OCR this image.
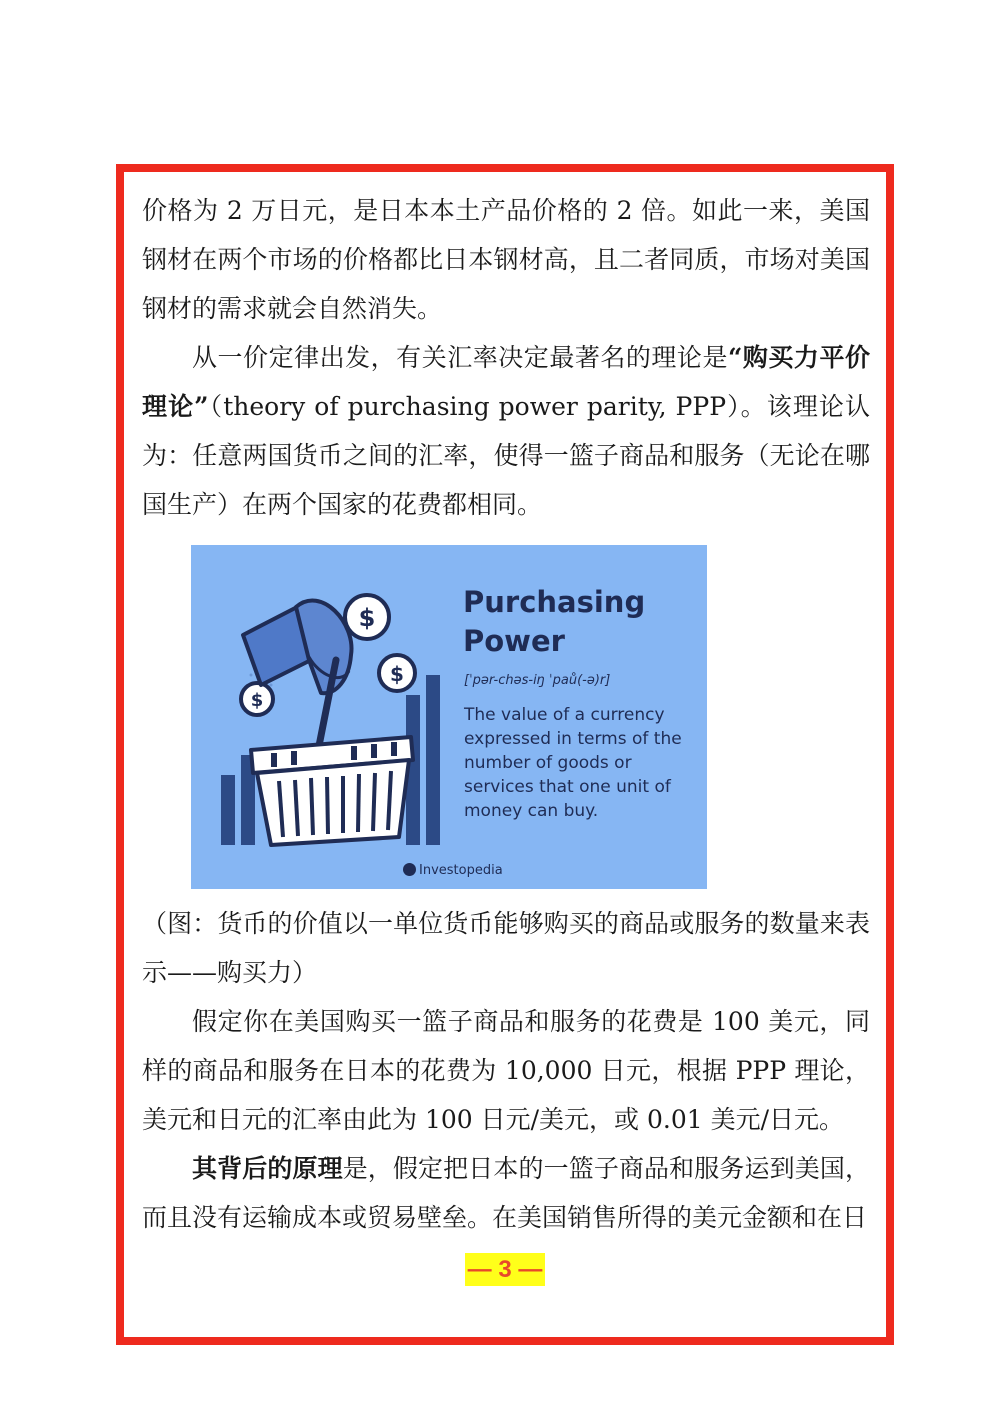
价格为 2 万日元，是日本本土产品价格的 2 倍。如此一来，美国钢材在两个市场的价格都比日本钢材高，且二者同质，市场对美国钢材的需求就会自然消失。

从一价定律出发，有关汇率决定最著名的理论是“购买力平价理论”（theory of purchasing power parity, PPP）。该理论认为：任意两国货币之间的汇率，使得一篮子商品和服务（无论在哪国生产）在两个国家的花费都相同。

$
$
$
Purchasing
Power
[ˈpər-chəs-iŋ ˈpaů(-ə)r]
The value of a currency expressed in terms of the number of goods or services that one unit of money can buy.
Investopedia

（图：货币的价值以一单位货币能够购买的商品或服务的数量来表示——购买力）

假定你在美国购买一篮子商品和服务的花费是 100 美元，同样的商品和服务在日本的花费为 10,000 日元，根据 PPP 理论，美元和日元的汇率由此为 100 日元/美元，或 0.01 美元/日元。

其背后的原理是，假定把日本的一篮子商品和服务运到美国，而且没有运输成本或贸易壁垒。在美国销售所得的美元金额和在日

— 3 —
